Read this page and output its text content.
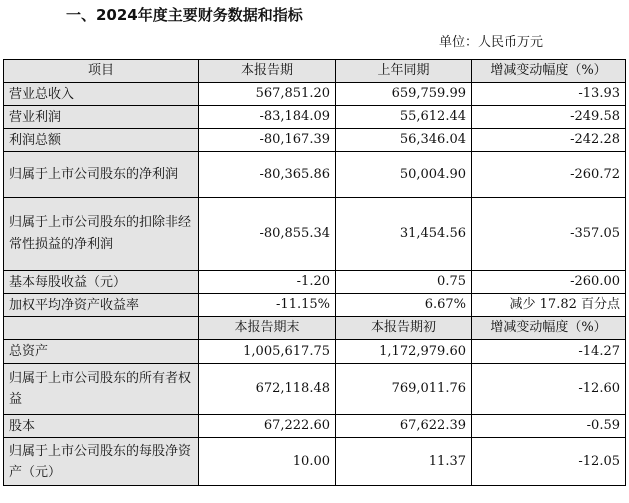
一、2024年度主要财务数据和指标
单位：人民币万元
项目	本报告期	上年同期	增减变动幅度（%）
营业总收入	567,851.20	659,759.99	-13.93
营业利润	-83,184.09	55,612.44	-249.58
利润总额	-80,167.39	56,346.04	-242.28
归属于上市公司股东的净利润	-80,365.86	50,004.90	-260.72
归属于上市公司股东的扣除非经常性损益的净利润	-80,855.34	31,454.56	-357.05
基本每股收益（元）	-1.20	0.75	-260.00
加权平均净资产收益率	-11.15%	6.67%	减少 17.82 百分点
	本报告期末	本报告期初	增减变动幅度（%）
总资产	1,005,617.75	1,172,979.60	-14.27
归属于上市公司股东的所有者权益	672,118.48	769,011.76	-12.60
股本	67,222.60	67,622.39	-0.59
归属于上市公司股东的每股净资产（元）	10.00	11.37	-12.05
